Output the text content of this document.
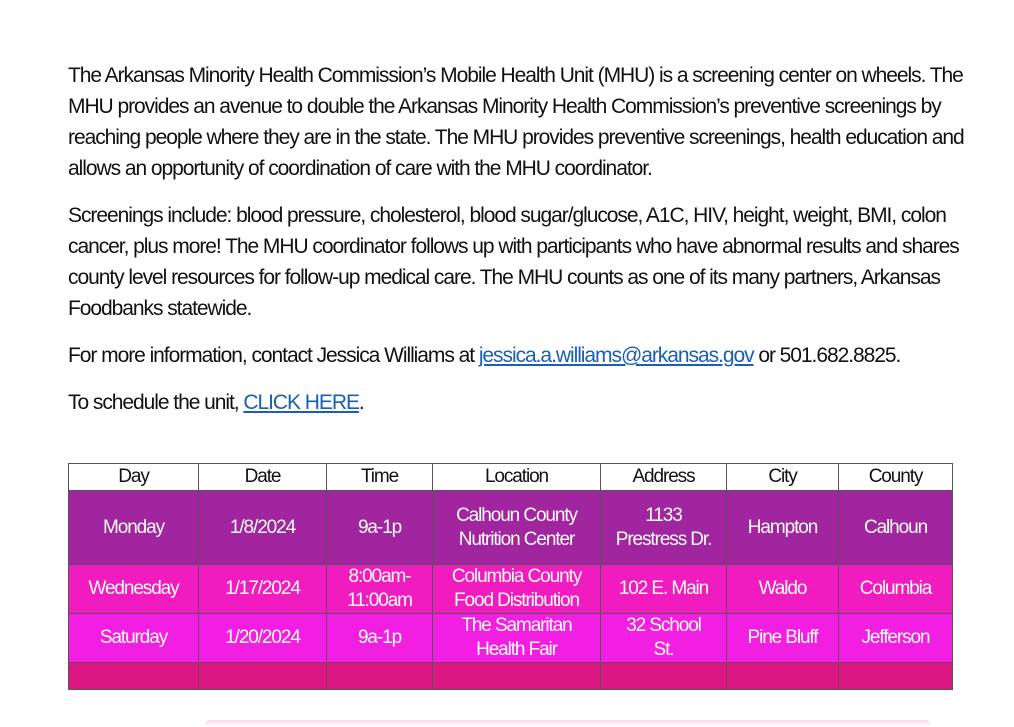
The Arkansas Minority Health Commission’s Mobile Health Unit (MHU) is a screening center on wheels. The MHU provides an avenue to double the Arkansas Minority Health Commission’s preventive screenings by reaching people where they are in the state. The MHU provides preventive screenings, health education and allows an opportunity of coordination of care with the MHU coordinator.

Screenings include: blood pressure, cholesterol, blood sugar/glucose, A1C, HIV, height, weight, BMI, colon cancer, plus more! The MHU coordinator follows up with participants who have abnormal results and shares county level resources for follow-up medical care. The MHU counts as one of its many partners, Arkansas Foodbanks statewide.

For more information, contact Jessica Williams at jessica.a.williams@arkansas.gov or 501.682.8825.

To schedule the unit, CLICK HERE.

Day	Date	Time	Location	Address	City	County
Monday	1/8/2024	9a-1p	Calhoun County Nutrition Center	1133 Prestress Dr.	Hampton	Calhoun
Wednesday	1/17/2024	8:00am-11:00am	Columbia County Food Distribution	102 E. Main	Waldo	Columbia
Saturday	1/20/2024	9a-1p	The Samaritan Health Fair	32 School St.	Pine Bluff	Jefferson
